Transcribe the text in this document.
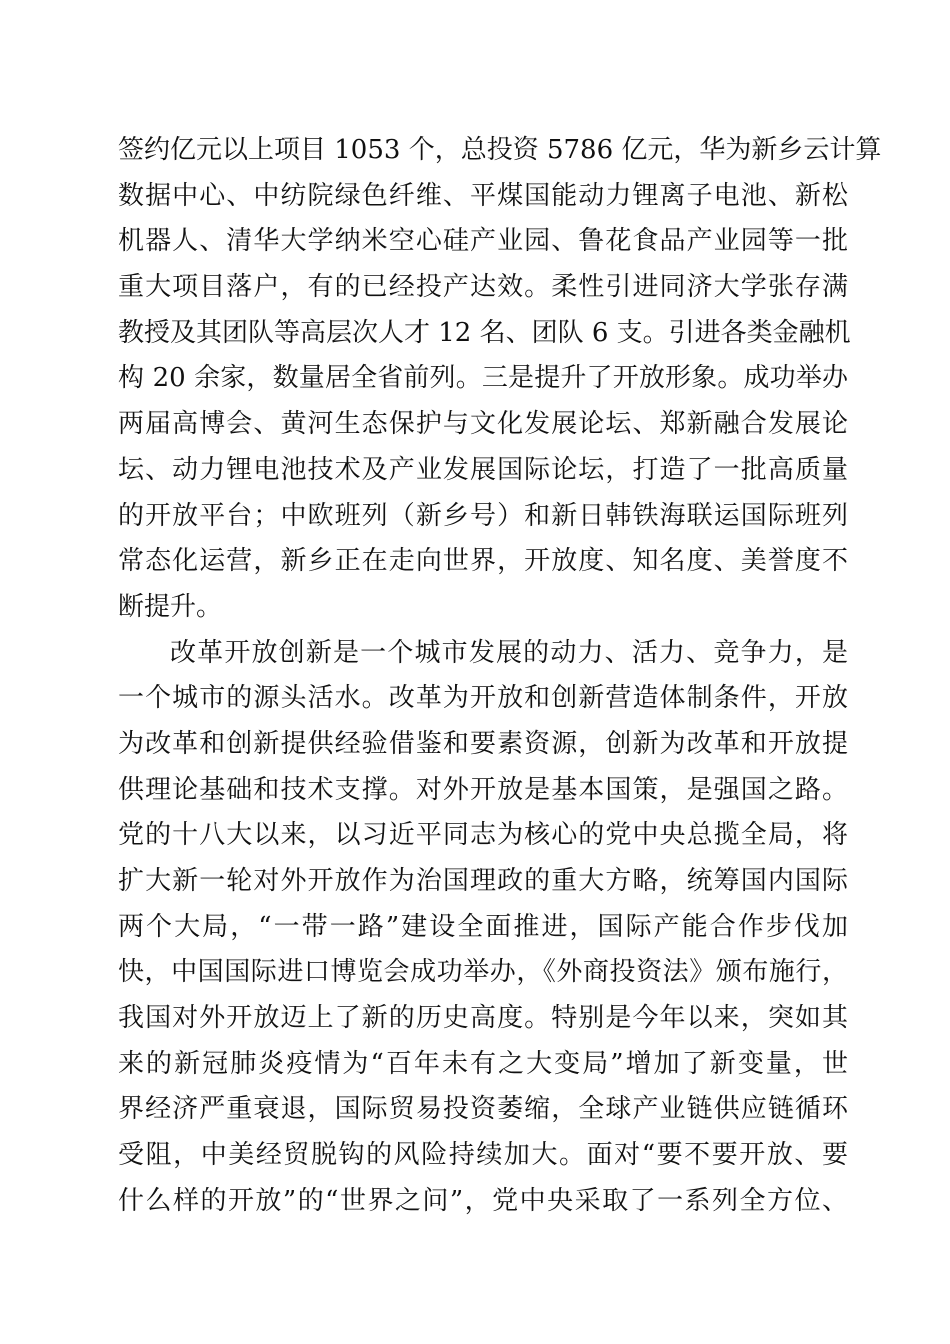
签约亿元以上项目 1053 个，总投资 5786 亿元，华为新乡云计算
数据中心、中纺院绿色纤维、平煤国能动力锂离子电池、新松
机器人、清华大学纳米空心硅产业园、鲁花食品产业园等一批
重大项目落户，有的已经投产达效。柔性引进同济大学张存满
教授及其团队等高层次人才 12 名、团队 6 支。引进各类金融机
构 20 余家，数量居全省前列。三是提升了开放形象。成功举办
两届高博会、黄河生态保护与文化发展论坛、郑新融合发展论
坛、动力锂电池技术及产业发展国际论坛，打造了一批高质量
的开放平台；中欧班列（新乡号）和新日韩铁海联运国际班列
常态化运营，新乡正在走向世界，开放度、知名度、美誉度不
断提升。
改革开放创新是一个城市发展的动力、活力、竞争力，是
一个城市的源头活水。改革为开放和创新营造体制条件，开放
为改革和创新提供经验借鉴和要素资源，创新为改革和开放提
供理论基础和技术支撑。对外开放是基本国策，是强国之路。
党的十八大以来，以习近平同志为核心的党中央总揽全局，将
扩大新一轮对外开放作为治国理政的重大方略，统筹国内国际
两个大局，“一带一路”建设全面推进，国际产能合作步伐加
快，中国国际进口博览会成功举办，《外商投资法》颁布施行，
我国对外开放迈上了新的历史高度。特别是今年以来，突如其
来的新冠肺炎疫情为“百年未有之大变局”增加了新变量，世
界经济严重衰退，国际贸易投资萎缩，全球产业链供应链循环
受阻，中美经贸脱钩的风险持续加大。面对“要不要开放、要
什么样的开放”的“世界之问”，党中央采取了一系列全方位、
